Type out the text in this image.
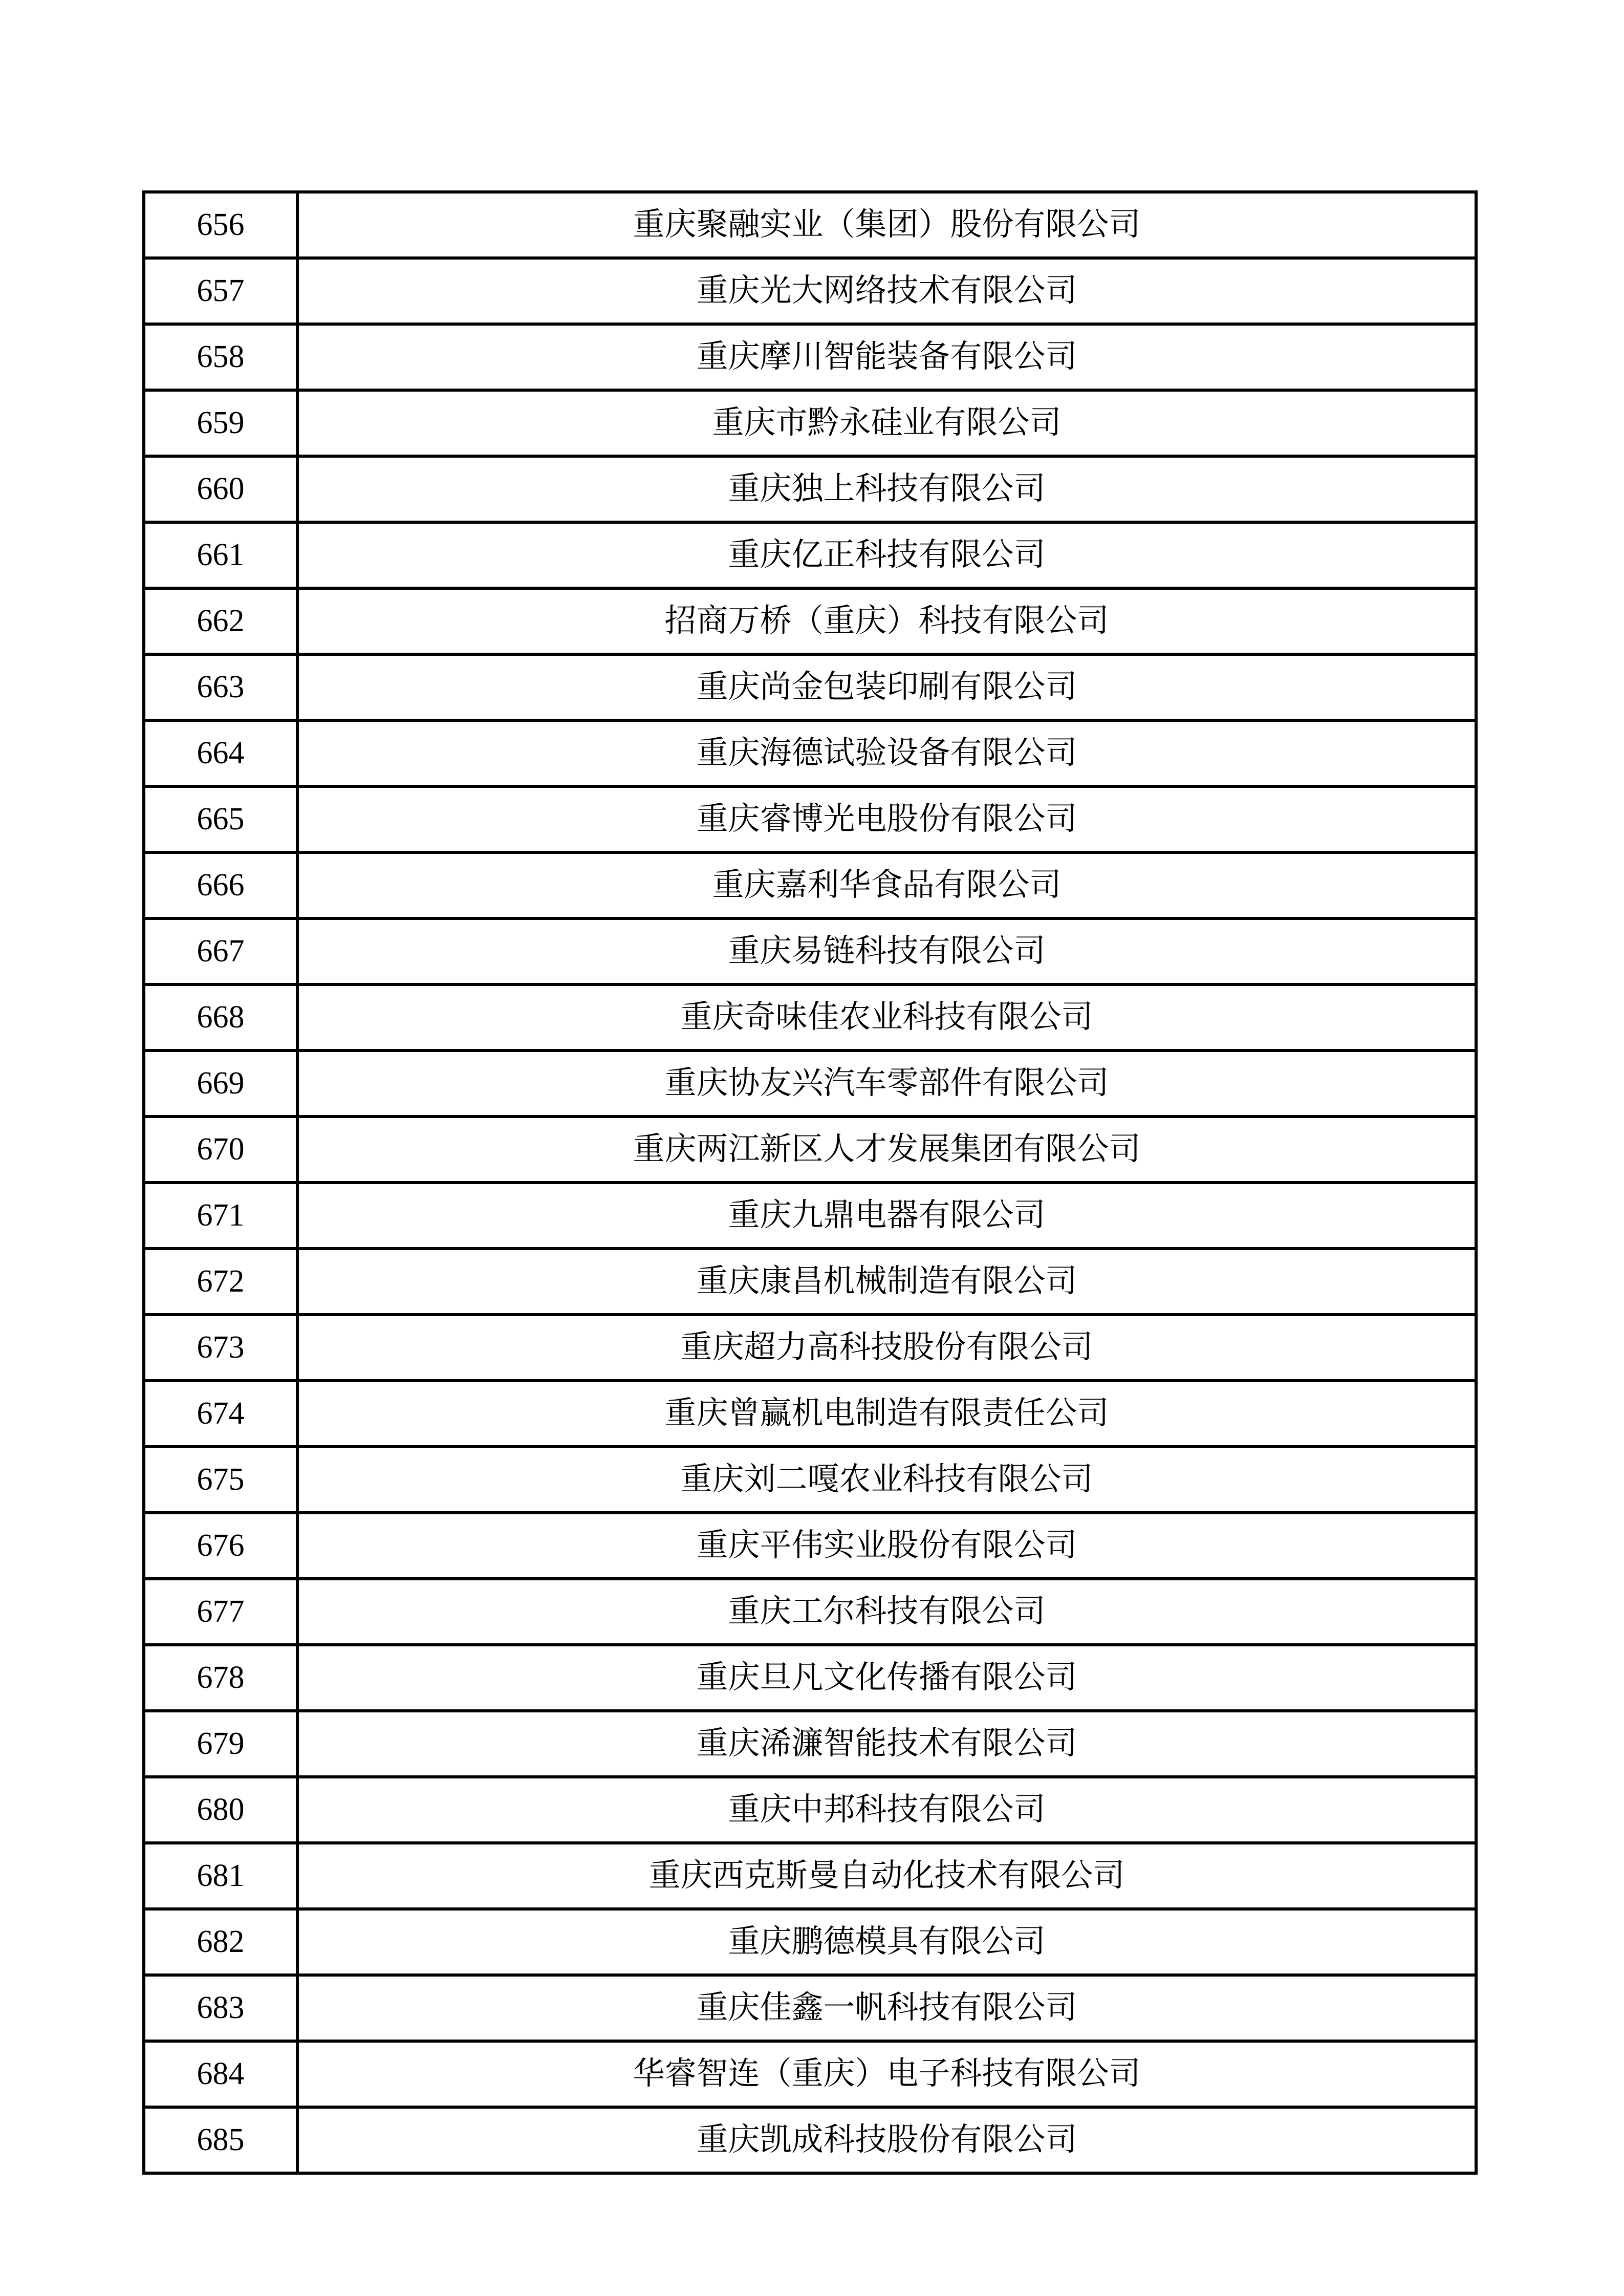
656	重庆聚融实业（集团）股份有限公司
657	重庆光大网络技术有限公司
658	重庆摩川智能装备有限公司
659	重庆市黔永硅业有限公司
660	重庆独上科技有限公司
661	重庆亿正科技有限公司
662	招商万桥（重庆）科技有限公司
663	重庆尚金包装印刷有限公司
664	重庆海德试验设备有限公司
665	重庆睿博光电股份有限公司
666	重庆嘉利华食品有限公司
667	重庆易链科技有限公司
668	重庆奇味佳农业科技有限公司
669	重庆协友兴汽车零部件有限公司
670	重庆两江新区人才发展集团有限公司
671	重庆九鼎电器有限公司
672	重庆康昌机械制造有限公司
673	重庆超力高科技股份有限公司
674	重庆曾赢机电制造有限责任公司
675	重庆刘二嘎农业科技有限公司
676	重庆平伟实业股份有限公司
677	重庆工尔科技有限公司
678	重庆旦凡文化传播有限公司
679	重庆浠濂智能技术有限公司
680	重庆中邦科技有限公司
681	重庆西克斯曼自动化技术有限公司
682	重庆鹏德模具有限公司
683	重庆佳鑫一帆科技有限公司
684	华睿智连（重庆）电子科技有限公司
685	重庆凯成科技股份有限公司
